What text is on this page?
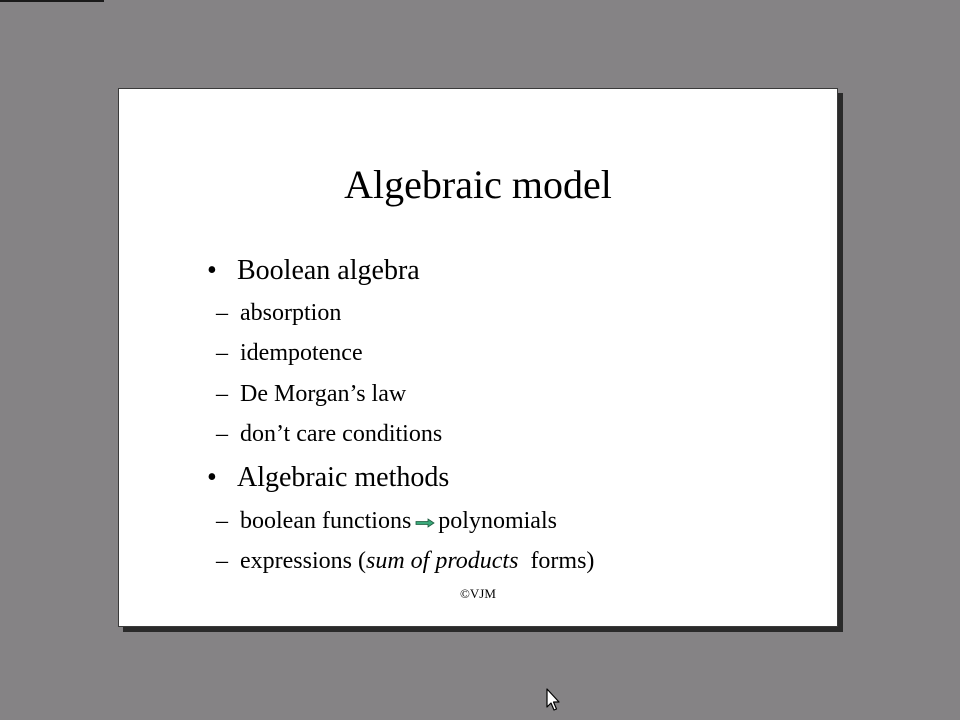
Algebraic model
• Boolean algebra
– absorption
– idempotence
– De Morgan’s law
– don’t care conditions
• Algebraic methods
– boolean functions polynomials
– expressions (sum of products  forms)
©VJM
